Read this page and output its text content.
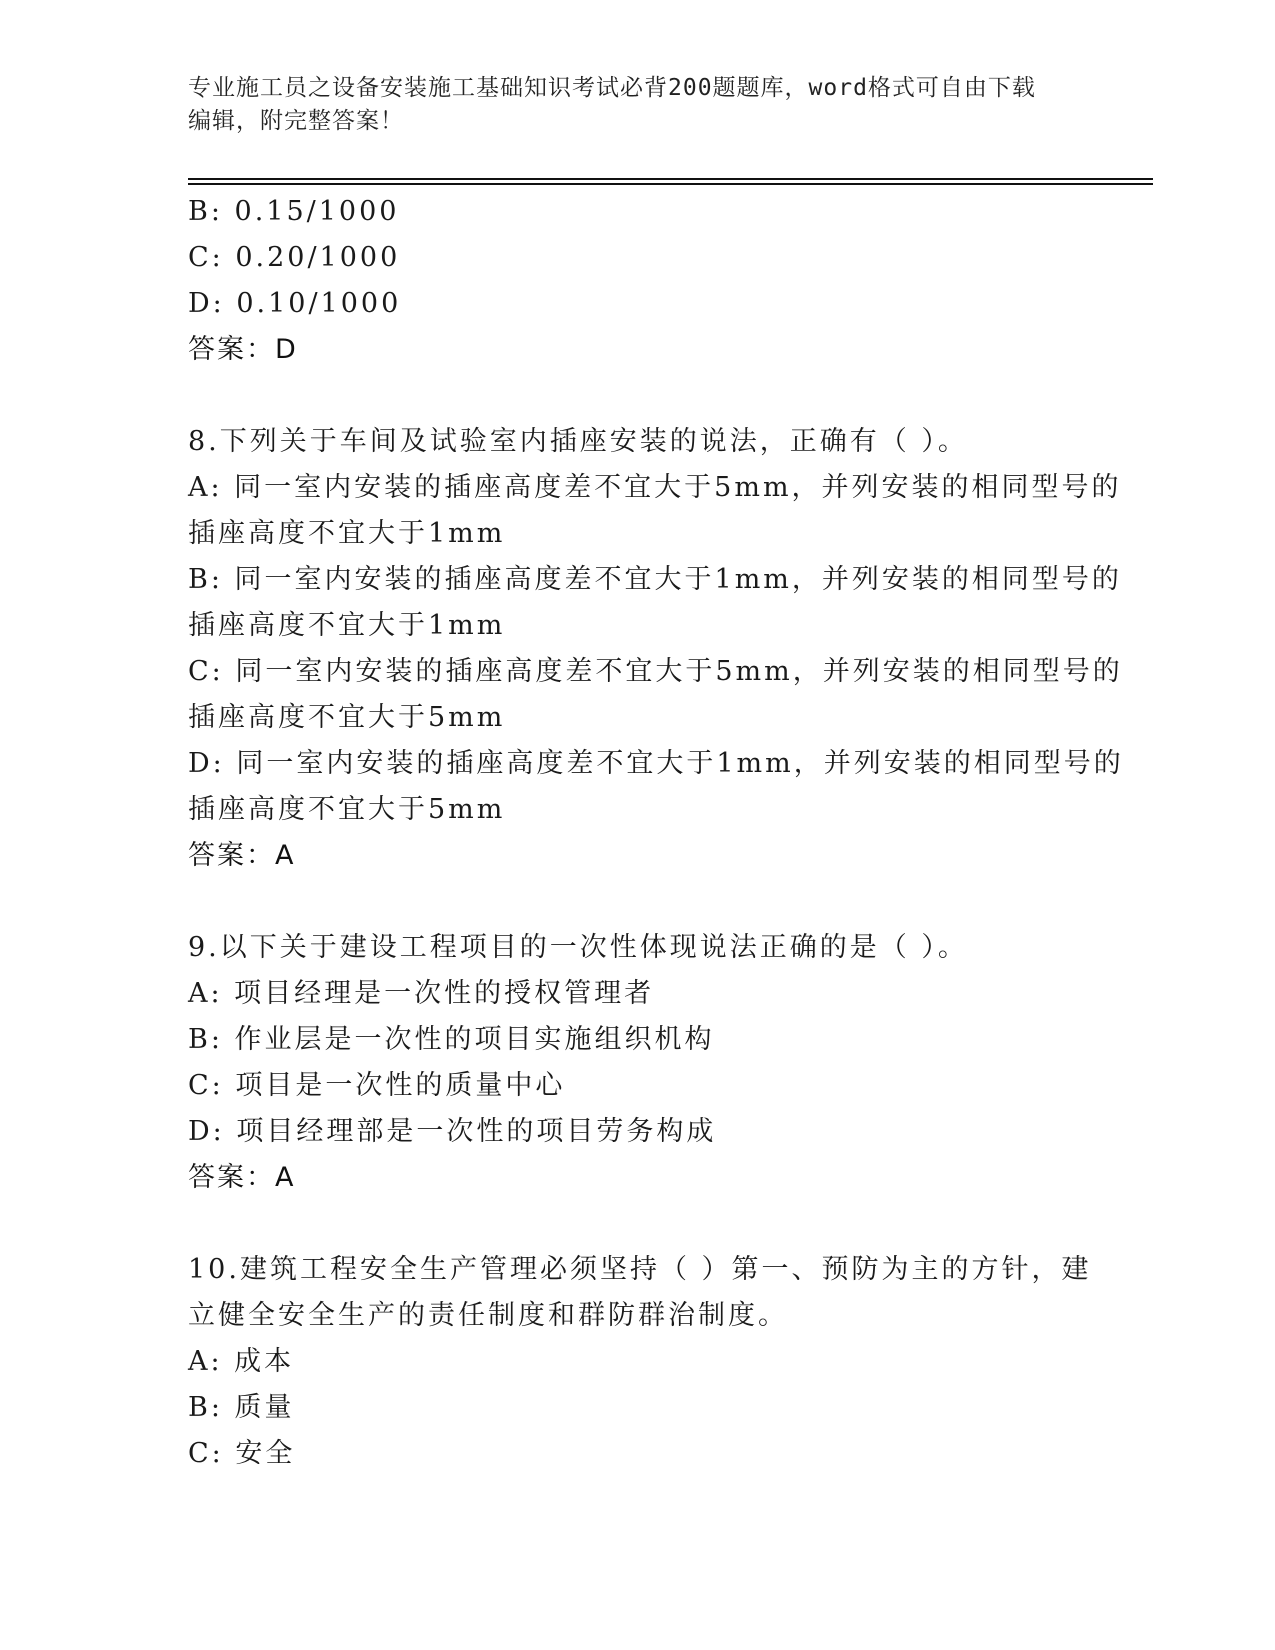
专业施工员之设备安装施工基础知识考试必背200题题库，word格式可自由下载
编辑，附完整答案！
B: 0.15/1000
C: 0.20/1000
D: 0.10/1000
答案：D
8.下列关于车间及试验室内插座安装的说法，正确有（ ）。
A: 同一室内安装的插座高度差不宜大于5mm，并列安装的相同型号的
插座高度不宜大于1mm
B: 同一室内安装的插座高度差不宜大于1mm，并列安装的相同型号的
插座高度不宜大于1mm
C: 同一室内安装的插座高度差不宜大于5mm，并列安装的相同型号的
插座高度不宜大于5mm
D: 同一室内安装的插座高度差不宜大于1mm，并列安装的相同型号的
插座高度不宜大于5mm
答案：A
9.以下关于建设工程项目的一次性体现说法正确的是（ ）。
A: 项目经理是一次性的授权管理者
B: 作业层是一次性的项目实施组织机构
C: 项目是一次性的质量中心
D: 项目经理部是一次性的项目劳务构成
答案：A
10.建筑工程安全生产管理必须坚持（ ）第一、预防为主的方针，建
立健全安全生产的责任制度和群防群治制度。
A: 成本
B: 质量
C: 安全
